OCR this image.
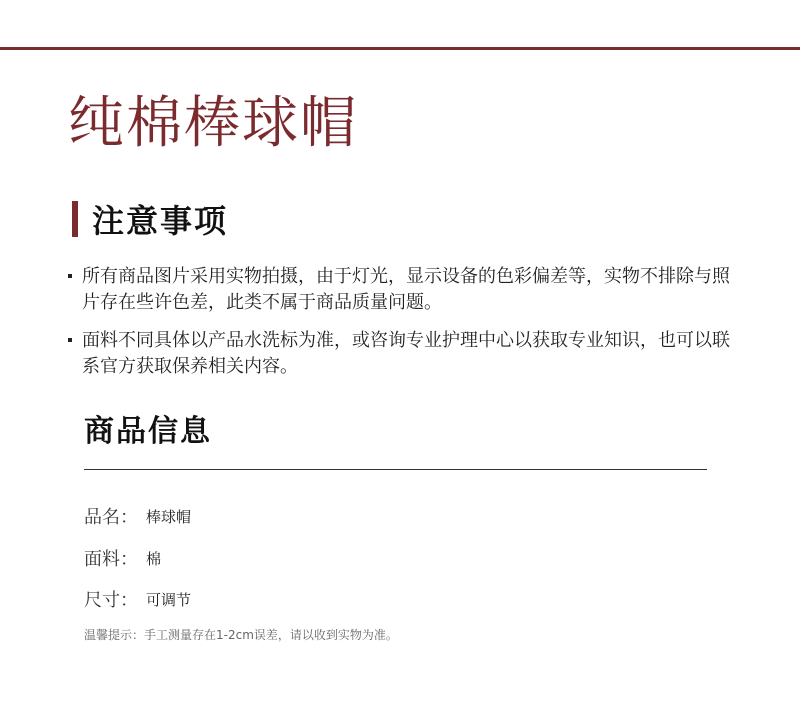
纯棉棒球帽
注意事项
所有商品图片采用实物拍摄，由于灯光，显示设备的色彩偏差等，实物不排除与照片存在些许色差，此类不属于商品质量问题。
面料不同具体以产品水洗标为准，或咨询专业护理中心以获取专业知识，也可以联系官方获取保养相关内容。
商品信息
品名： 棒球帽
面料： 棉
尺寸： 可调节
温馨提示：手工测量存在1-2cm误差，请以收到实物为准。
